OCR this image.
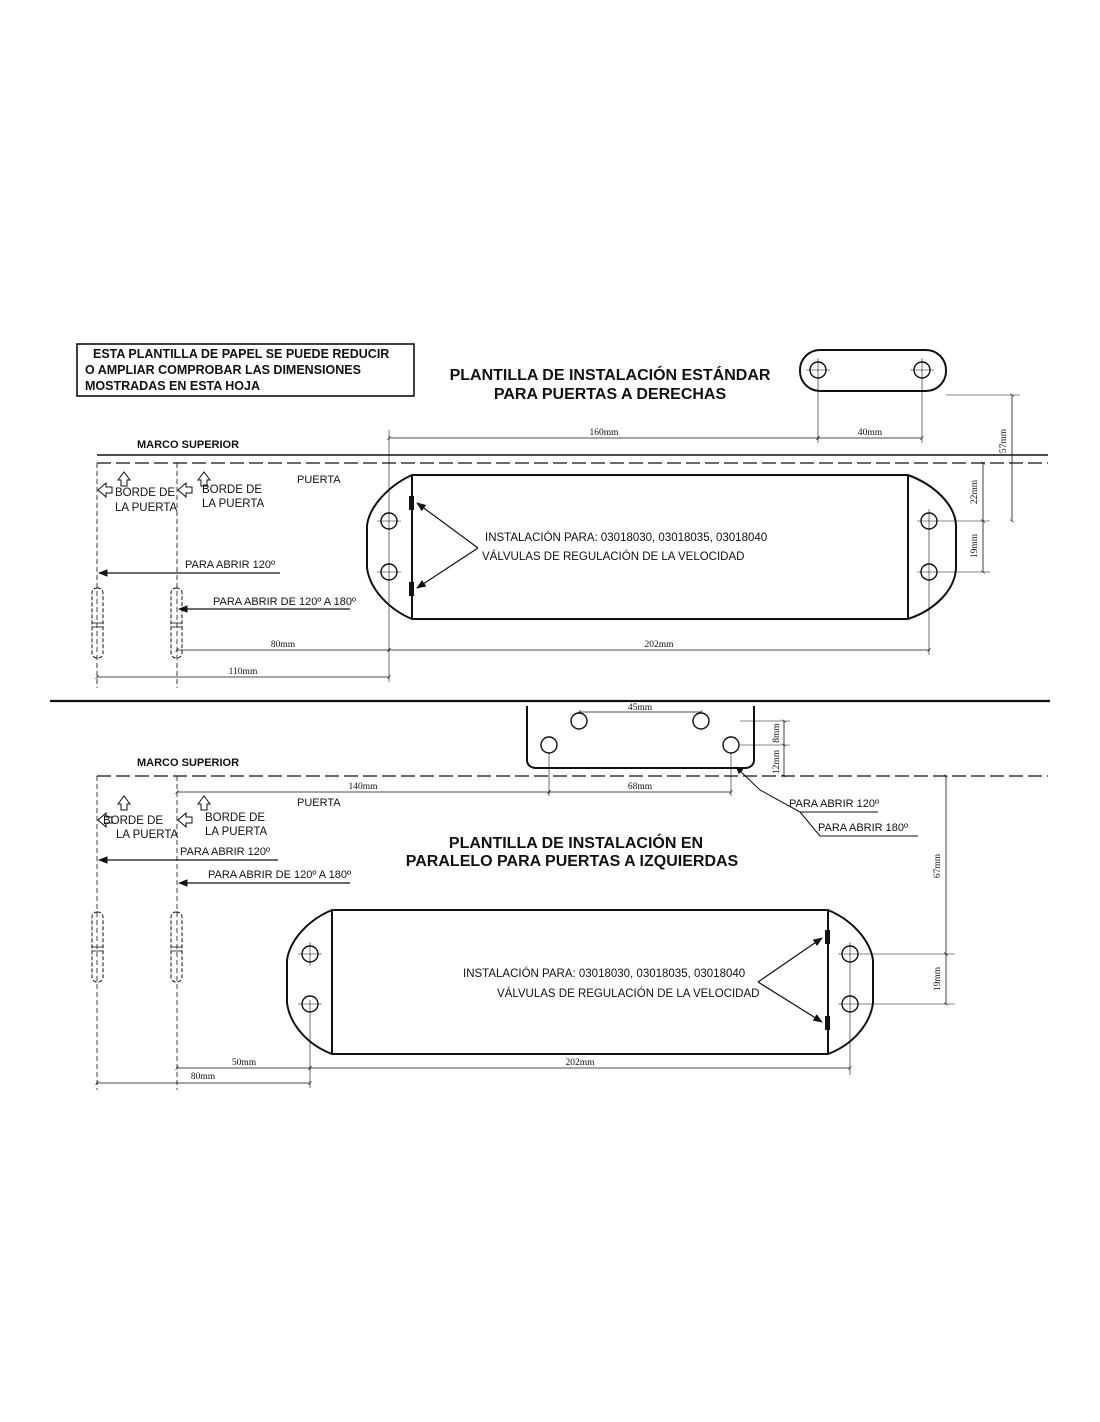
ESTA PLANTILLA DE PAPEL SE PUEDE REDUCIR
O AMPLIAR COMPROBAR LAS DIMENSIONES
MOSTRADAS EN ESTA HOJA
PLANTILLA DE INSTALACIÓN ESTÁNDAR
PARA PUERTAS A DERECHAS
MARCO SUPERIOR
PUERTA
BORDE DE
LA PUERTA
BORDE DE
LA PUERTA
PARA ABRIR 120º
PARA ABRIR DE 120º A 180º
INSTALACIÓN PARA: 03018030, 03018035, 03018040
VÁLVULAS DE REGULACIÓN DE LA VELOCIDAD
160mm	40mm	57mm
22mm
19mm
80mm	202mm
110mm
45mm
8mm
12mm
MARCO SUPERIOR
PUERTA
BORDE DE
LA PUERTA
BORDE DE
LA PUERTA
PARA ABRIR 120º
PARA ABRIR DE 120º A 180º
PLANTILLA DE INSTALACIÓN EN
PARALELO PARA PUERTAS A IZQUIERDAS
PARA ABRIR 120º
PARA ABRIR 180º
INSTALACIÓN PARA: 03018030, 03018035, 03018040
VÁLVULAS DE REGULACIÓN DE LA VELOCIDAD
140mm	68mm
67mm
19mm
50mm	202mm
80mm
